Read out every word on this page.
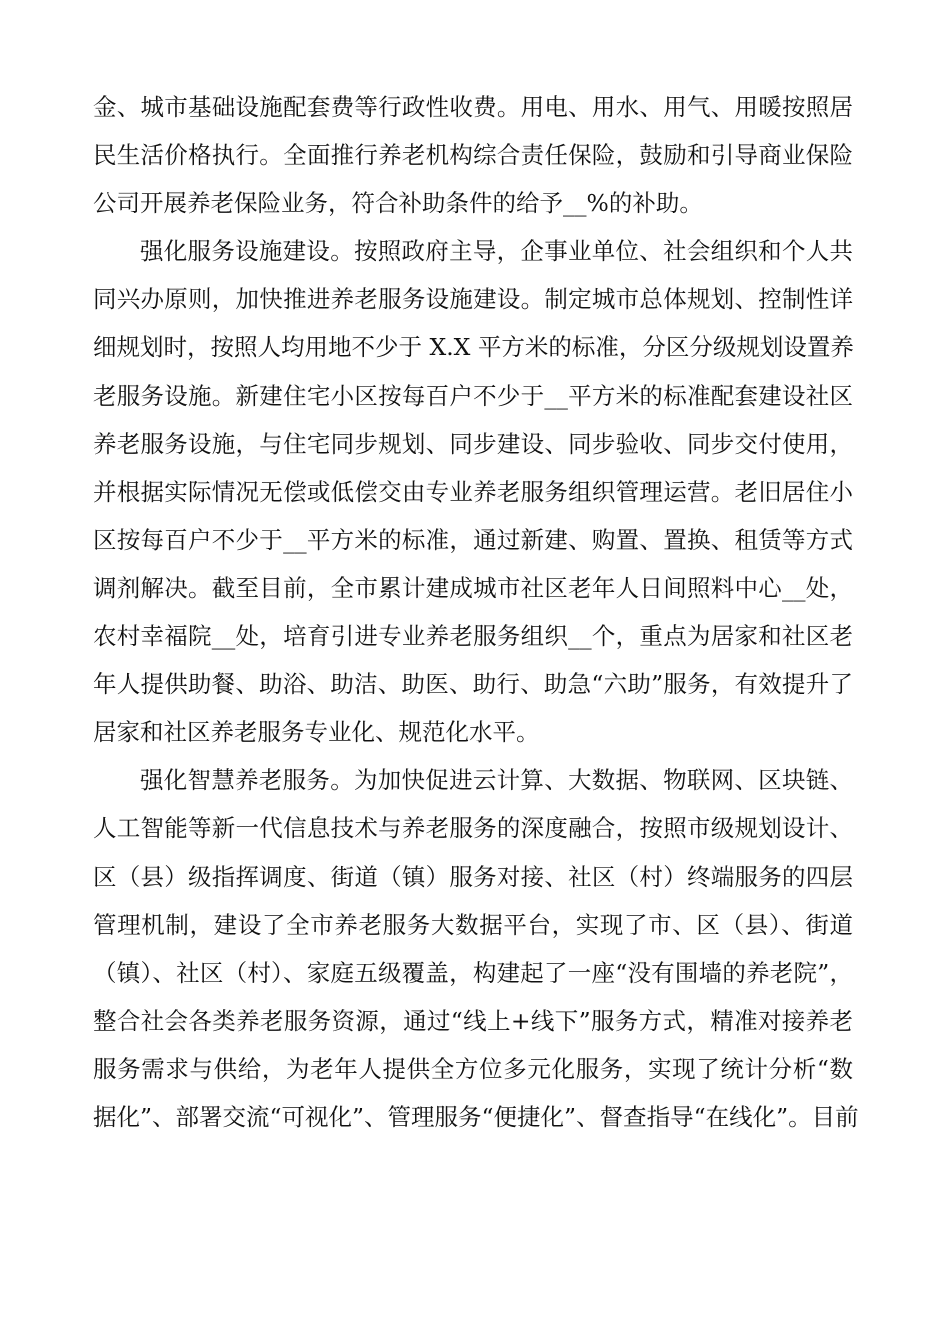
金、城市基础设施配套费等行政性收费。用电、用水、用气、用暖按照居
民生活价格执行。全面推行养老机构综合责任保险，鼓励和引导商业保险
公司开展养老保险业务，符合补助条件的给予__%的补助。
强化服务设施建设。按照政府主导，企事业单位、社会组织和个人共
同兴办原则，加快推进养老服务设施建设。制定城市总体规划、控制性详
细规划时，按照人均用地不少于 X.X 平方米的标准，分区分级规划设置养
老服务设施。新建住宅小区按每百户不少于__平方米的标准配套建设社区
养老服务设施，与住宅同步规划、同步建设、同步验收、同步交付使用，
并根据实际情况无偿或低偿交由专业养老服务组织管理运营。老旧居住小
区按每百户不少于__平方米的标准，通过新建、购置、置换、租赁等方式
调剂解决。截至目前，全市累计建成城市社区老年人日间照料中心__处，
农村幸福院__处，培育引进专业养老服务组织__个，重点为居家和社区老
年人提供助餐、助浴、助洁、助医、助行、助急“六助”服务，有效提升了
居家和社区养老服务专业化、规范化水平。
强化智慧养老服务。为加快促进云计算、大数据、物联网、区块链、
人工智能等新一代信息技术与养老服务的深度融合，按照市级规划设计、
区（县）级指挥调度、街道（镇）服务对接、社区（村）终端服务的四层
管理机制，建设了全市养老服务大数据平台，实现了市、区（县）、街道
（镇）、社区（村）、家庭五级覆盖，构建起了一座“没有围墙的养老院”，
整合社会各类养老服务资源，通过“线上+线下”服务方式，精准对接养老
服务需求与供给，为老年人提供全方位多元化服务，实现了统计分析“数
据化”、部署交流“可视化”、管理服务“便捷化”、督查指导“在线化”。目前
